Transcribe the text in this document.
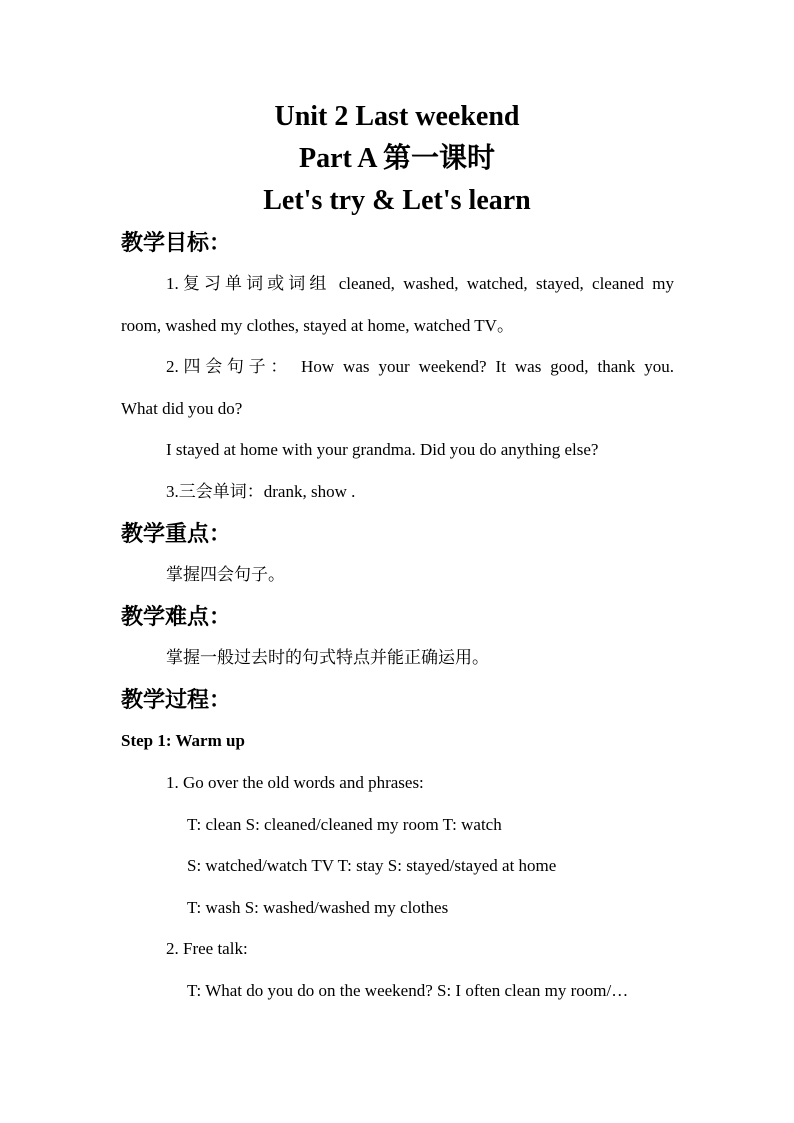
Unit 2 Last weekend
Part A 第一课时
Let's try & Let's learn
教学目标：
1.复习单词或词组 cleaned, washed, watched, stayed, cleaned my
room, washed my clothes, stayed at home, watched TV。
2.四会句子： How was your weekend? It was good, thank you.
What did you do?
I stayed at home with your grandma. Did you do anything else?
3.三会单词：drank, show .
教学重点：
掌握四会句子。
教学难点：
掌握一般过去时的句式特点并能正确运用。
教学过程：
Step 1: Warm up
1. Go over the old words and phrases:
T: clean S: cleaned/cleaned my room T: watch
S: watched/watch TV T: stay S: stayed/stayed at home
T: wash S: washed/washed my clothes
2. Free talk:
T: What do you do on the weekend? S: I often clean my room/…
